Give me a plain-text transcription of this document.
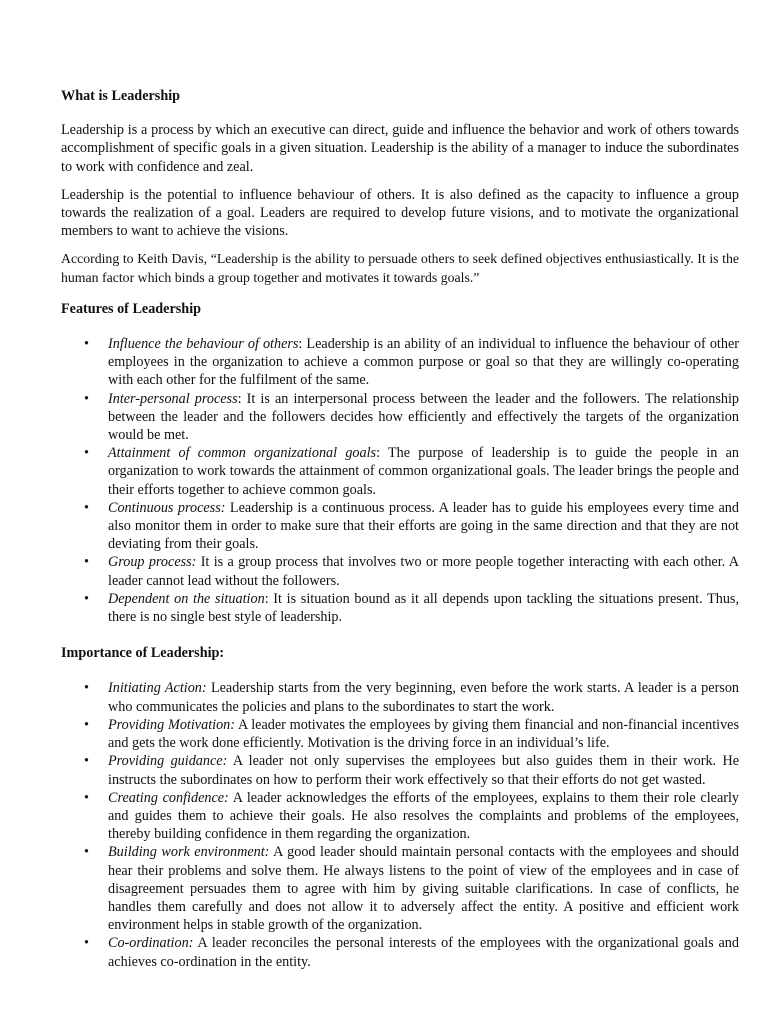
What is Leadership

Leadership is a process by which an executive can direct, guide and influence the behavior and work of others towards accomplishment of specific goals in a given situation. Leadership is the ability of a manager to induce the subordinates to work with confidence and zeal.

Leadership is the potential to influence behaviour of others. It is also defined as the capacity to influence a group towards the realization of a goal. Leaders are required to develop future visions, and to motivate the organizational members to want to achieve the visions.

According to Keith Davis, “Leadership is the ability to persuade others to seek defined objectives enthusiastically. It is the human factor which binds a group together and motivates it towards goals.”

Features of Leadership
• Influence the behaviour of others: Leadership is an ability of an individual to influence the behaviour of other employees in the organization to achieve a common purpose or goal so that they are willingly co-operating with each other for the fulfilment of the same.
• Inter-personal process: It is an interpersonal process between the leader and the followers. The relationship between the leader and the followers decides how efficiently and effectively the targets of the organization would be met.
• Attainment of common organizational goals: The purpose of leadership is to guide the people in an organization to work towards the attainment of common organizational goals. The leader brings the people and their efforts together to achieve common goals.
• Continuous process: Leadership is a continuous process. A leader has to guide his employees every time and also monitor them in order to make sure that their efforts are going in the same direction and that they are not deviating from their goals.
• Group process: It is a group process that involves two or more people together interacting with each other. A leader cannot lead without the followers.
• Dependent on the situation: It is situation bound as it all depends upon tackling the situations present. Thus, there is no single best style of leadership.
Importance of Leadership:
• Initiating Action: Leadership starts from the very beginning, even before the work starts. A leader is a person who communicates the policies and plans to the subordinates to start the work.
• Providing Motivation: A leader motivates the employees by giving them financial and non-financial incentives and gets the work done efficiently. Motivation is the driving force in an individual’s life.
• Providing guidance: A leader not only supervises the employees but also guides them in their work. He instructs the subordinates on how to perform their work effectively so that their efforts do not get wasted.
• Creating confidence: A leader acknowledges the efforts of the employees, explains to them their role clearly and guides them to achieve their goals. He also resolves the complaints and problems of the employees, thereby building confidence in them regarding the organization.
• Building work environment: A good leader should maintain personal contacts with the employees and should hear their problems and solve them. He always listens to the point of view of the employees and in case of disagreement persuades them to agree with him by giving suitable clarifications. In case of conflicts, he handles them carefully and does not allow it to adversely affect the entity. A positive and efficient work environment helps in stable growth of the organization.
• Co-ordination: A leader reconciles the personal interests of the employees with the organizational goals and achieves co-ordination in the entity.
